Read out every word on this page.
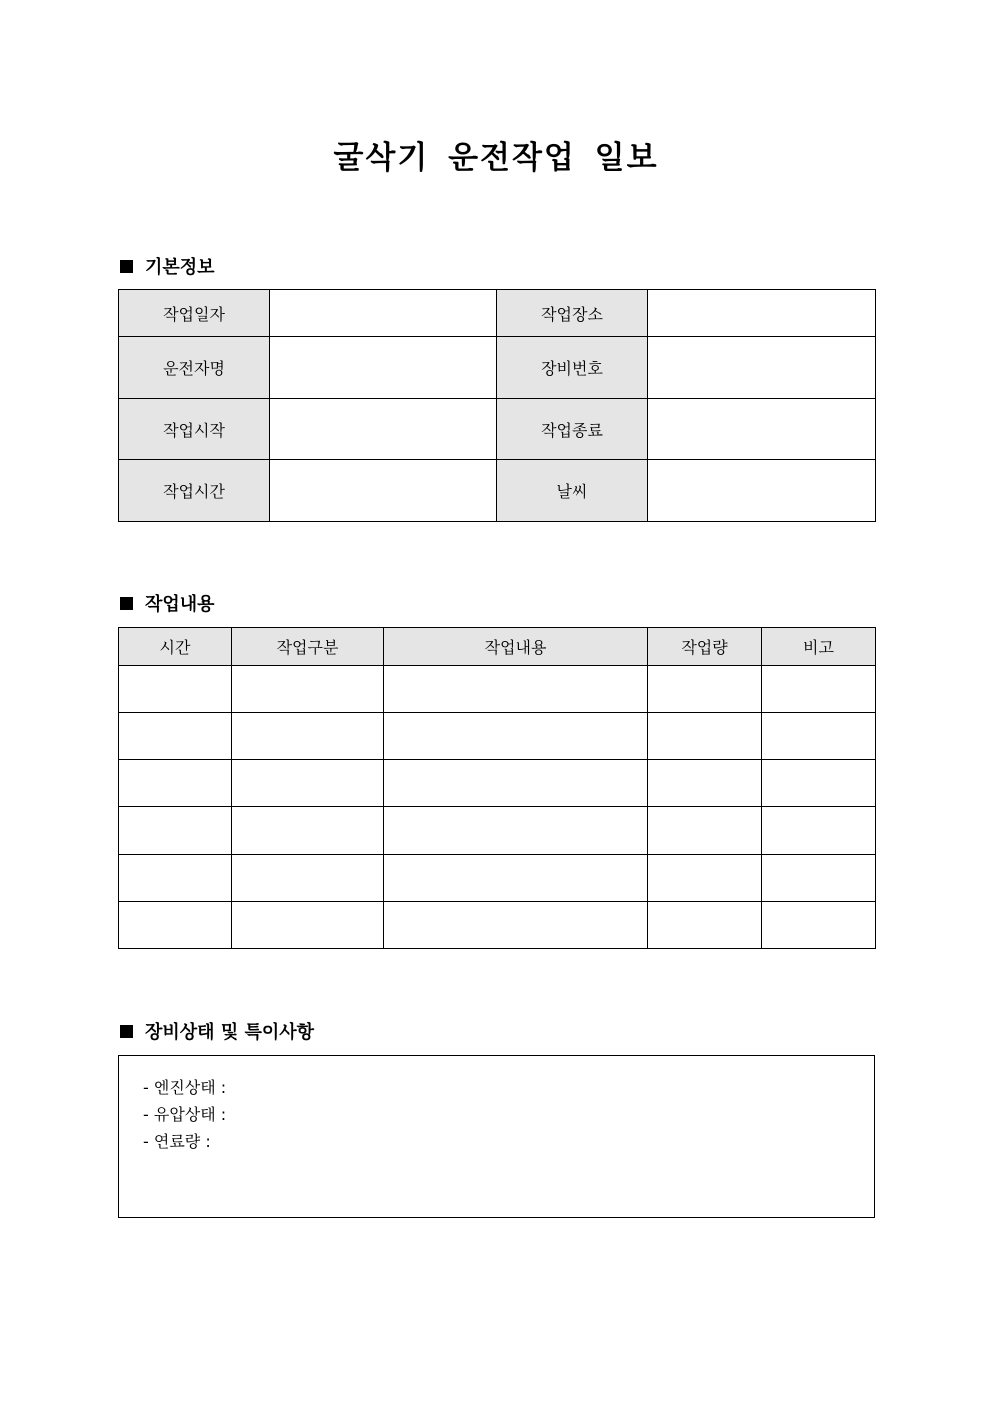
굴삭기 운전작업 일보
기본정보
작업일자		작업장소	
운전자명		장비번호	
작업시작		작업종료	
작업시간		날씨	
작업내용
시간	작업구분	작업내용	작업량	비고

장비상태 및 특이사항
- 엔진상태 :
- 유압상태 :
- 연료량 :
